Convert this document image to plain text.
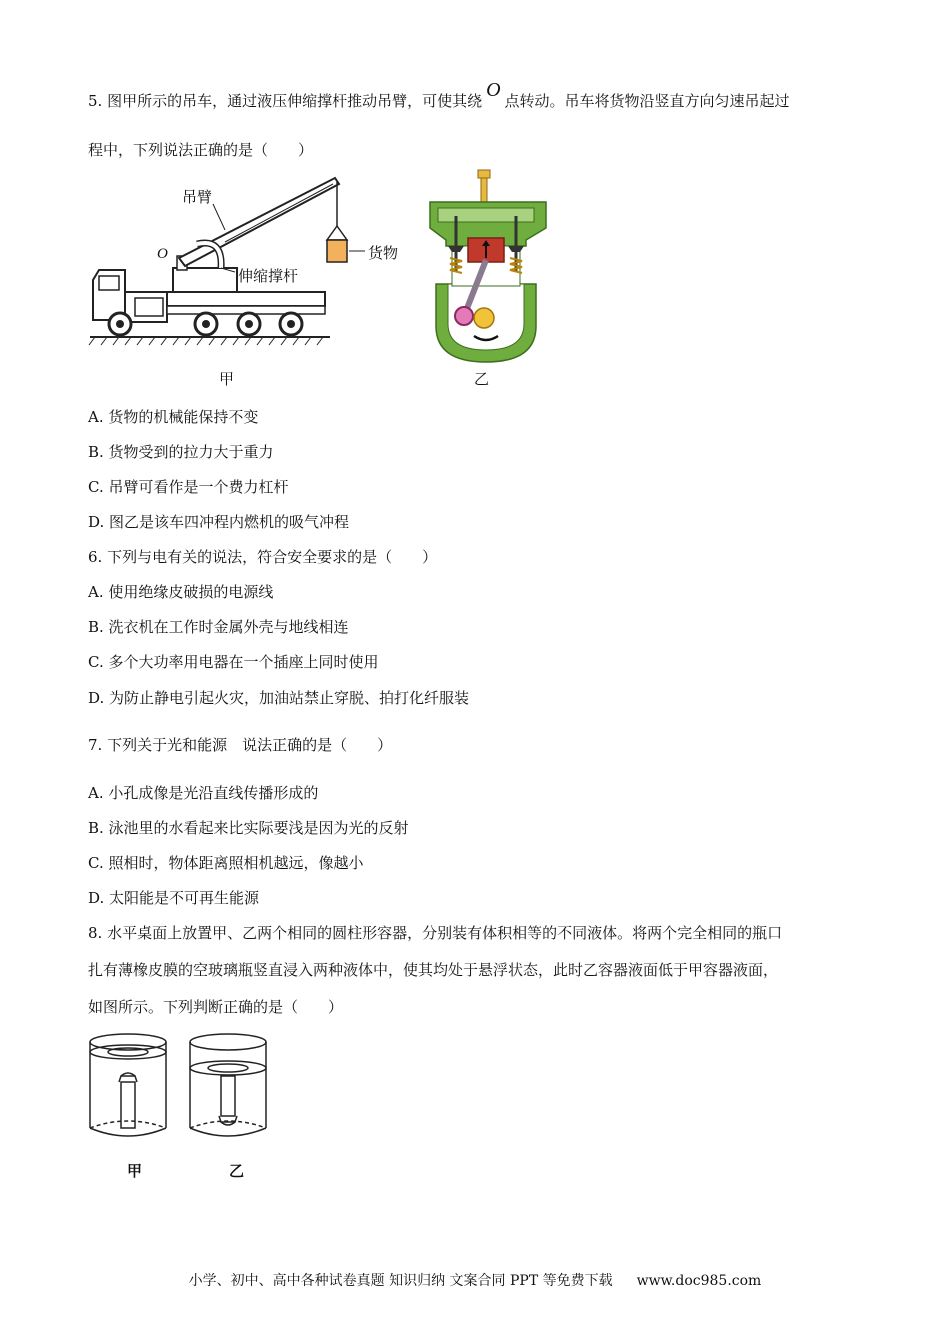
5. 图甲所示的吊车，通过液压伸缩撑杆推动吊臂，可使其绕 O 点转动。吊车将货物沿竖直方向匀速吊起过
程中，下列说法正确的是（　　）
吊臂
O
伸缩撑杆
货物
甲	乙
A. 货物的机械能保持不变
B. 货物受到的拉力大于重力
C. 吊臂可看作是一个费力杠杆
D. 图乙是该车四冲程内燃机的吸气冲程
6. 下列与电有关的说法，符合安全要求的是（　　）
A. 使用绝缘皮破损的电源线
B. 洗衣机在工作时金属外壳与地线相连
C. 多个大功率用电器在一个插座上同时使用
D. 为防止静电引起火灾，加油站禁止穿脱、拍打化纤服装
7. 下列关于光和能源　说法正确的是（　　）
A. 小孔成像是光沿直线传播形成的
B. 泳池里的水看起来比实际要浅是因为光的反射
C. 照相时，物体距离照相机越远，像越小
D. 太阳能是不可再生能源
8. 水平桌面上放置甲、乙两个相同的圆柱形容器，分别装有体积相等的不同液体。将两个完全相同的瓶口
扎有薄橡皮膜的空玻璃瓶竖直浸入两种液体中，使其均处于悬浮状态，此时乙容器液面低于甲容器液面，
如图所示。下列判断正确的是（　　）
甲	乙
小学、初中、高中各种试卷真题 知识归纳 文案合同 PPT 等免费下载 www.doc985.com
